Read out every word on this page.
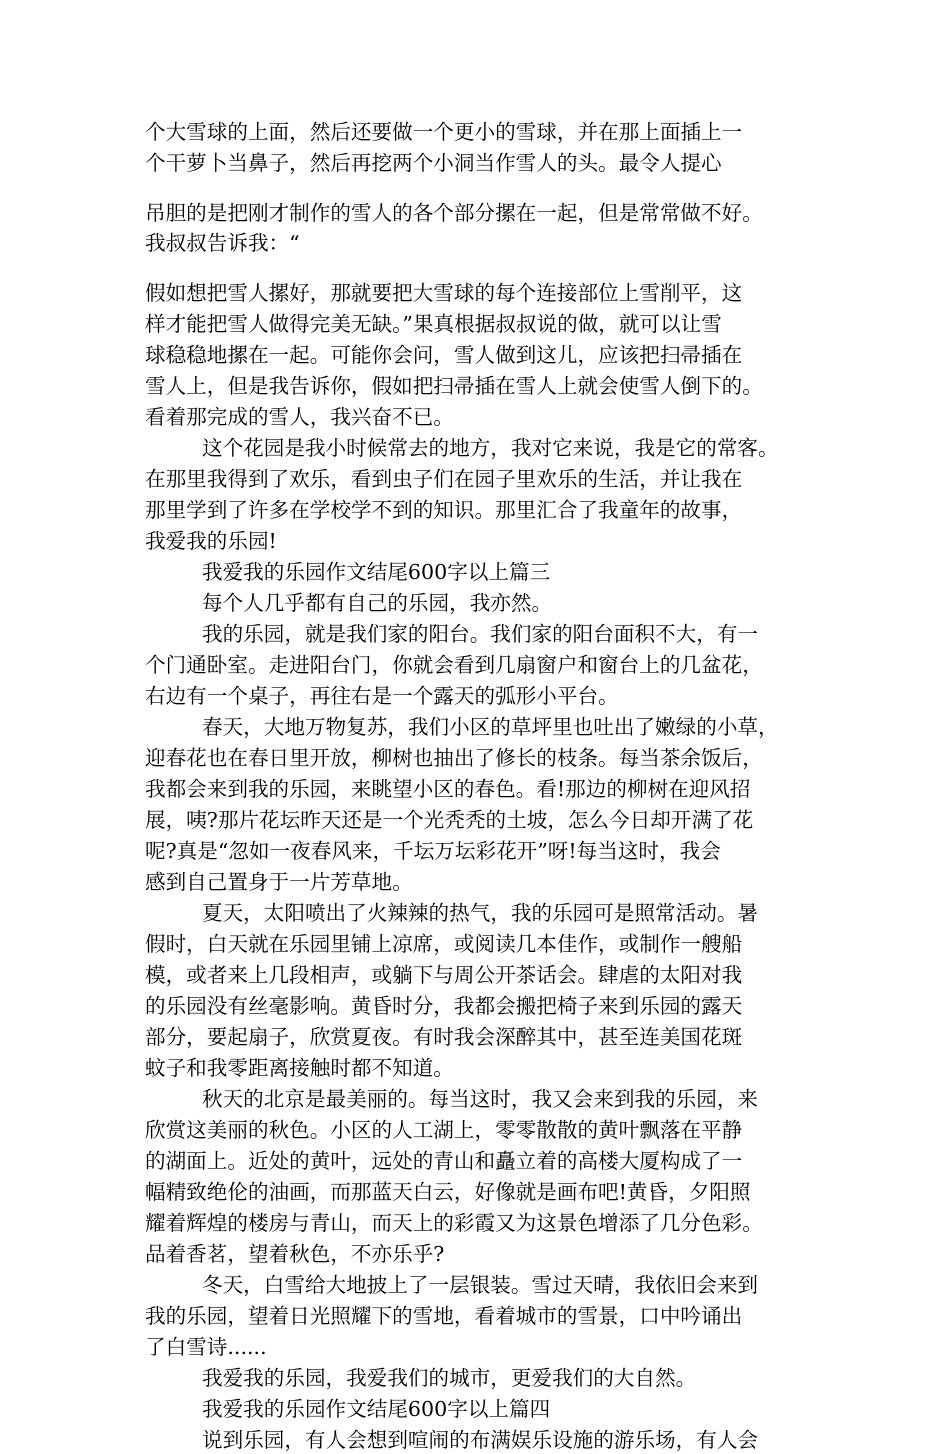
个大雪球的上面，然后还要做一个更小的雪球，并在那上面插上一
个干萝卜当鼻子，然后再挖两个小洞当作雪人的头。最令人提心
吊胆的是把刚才制作的雪人的各个部分摞在一起，但是常常做不好。
我叔叔告诉我：“
假如想把雪人摞好，那就要把大雪球的每个连接部位上雪削平，这
样才能把雪人做得完美无缺。”果真根据叔叔说的做，就可以让雪
球稳稳地摞在一起。可能你会问，雪人做到这儿，应该把扫帚插在
雪人上，但是我告诉你，假如把扫帚插在雪人上就会使雪人倒下的。
看着那完成的雪人，我兴奋不已。
这个花园是我小时候常去的地方，我对它来说，我是它的常客。
在那里我得到了欢乐，看到虫子们在园子里欢乐的生活，并让我在
那里学到了许多在学校学不到的知识。那里汇合了我童年的故事，
我爱我的乐园!
我爱我的乐园作文结尾600字以上篇三
每个人几乎都有自己的乐园，我亦然。
我的乐园，就是我们家的阳台。我们家的阳台面积不大，有一
个门通卧室。走进阳台门，你就会看到几扇窗户和窗台上的几盆花，
右边有一个桌子，再往右是一个露天的弧形小平台。
春天，大地万物复苏，我们小区的草坪里也吐出了嫩绿的小草，
迎春花也在春日里开放，柳树也抽出了修长的枝条。每当茶余饭后，
我都会来到我的乐园，来眺望小区的春色。看!那边的柳树在迎风招
展，咦?那片花坛昨天还是一个光秃秃的土坡，怎么今日却开满了花
呢?真是“忽如一夜春风来，千坛万坛彩花开”呀!每当这时，我会
感到自己置身于一片芳草地。
夏天，太阳喷出了火辣辣的热气，我的乐园可是照常活动。暑
假时，白天就在乐园里铺上凉席，或阅读几本佳作，或制作一艘船
模，或者来上几段相声，或躺下与周公开茶话会。肆虐的太阳对我
的乐园没有丝毫影响。黄昏时分，我都会搬把椅子来到乐园的露天
部分，要起扇子，欣赏夏夜。有时我会深醉其中，甚至连美国花斑
蚊子和我零距离接触时都不知道。
秋天的北京是最美丽的。每当这时，我又会来到我的乐园，来
欣赏这美丽的秋色。小区的人工湖上，零零散散的黄叶飘落在平静
的湖面上。近处的黄叶，远处的青山和矗立着的高楼大厦构成了一
幅精致绝伦的油画，而那蓝天白云，好像就是画布吧!黄昏，夕阳照
耀着辉煌的楼房与青山，而天上的彩霞又为这景色增添了几分色彩。
品着香茗，望着秋色，不亦乐乎?
冬天，白雪给大地披上了一层银装。雪过天晴，我依旧会来到
我的乐园，望着日光照耀下的雪地，看着城市的雪景，口中吟诵出
了白雪诗......
我爱我的乐园，我爱我们的城市，更爱我们的大自然。
我爱我的乐园作文结尾600字以上篇四
说到乐园，有人会想到喧闹的布满娱乐设施的游乐场，有人会
